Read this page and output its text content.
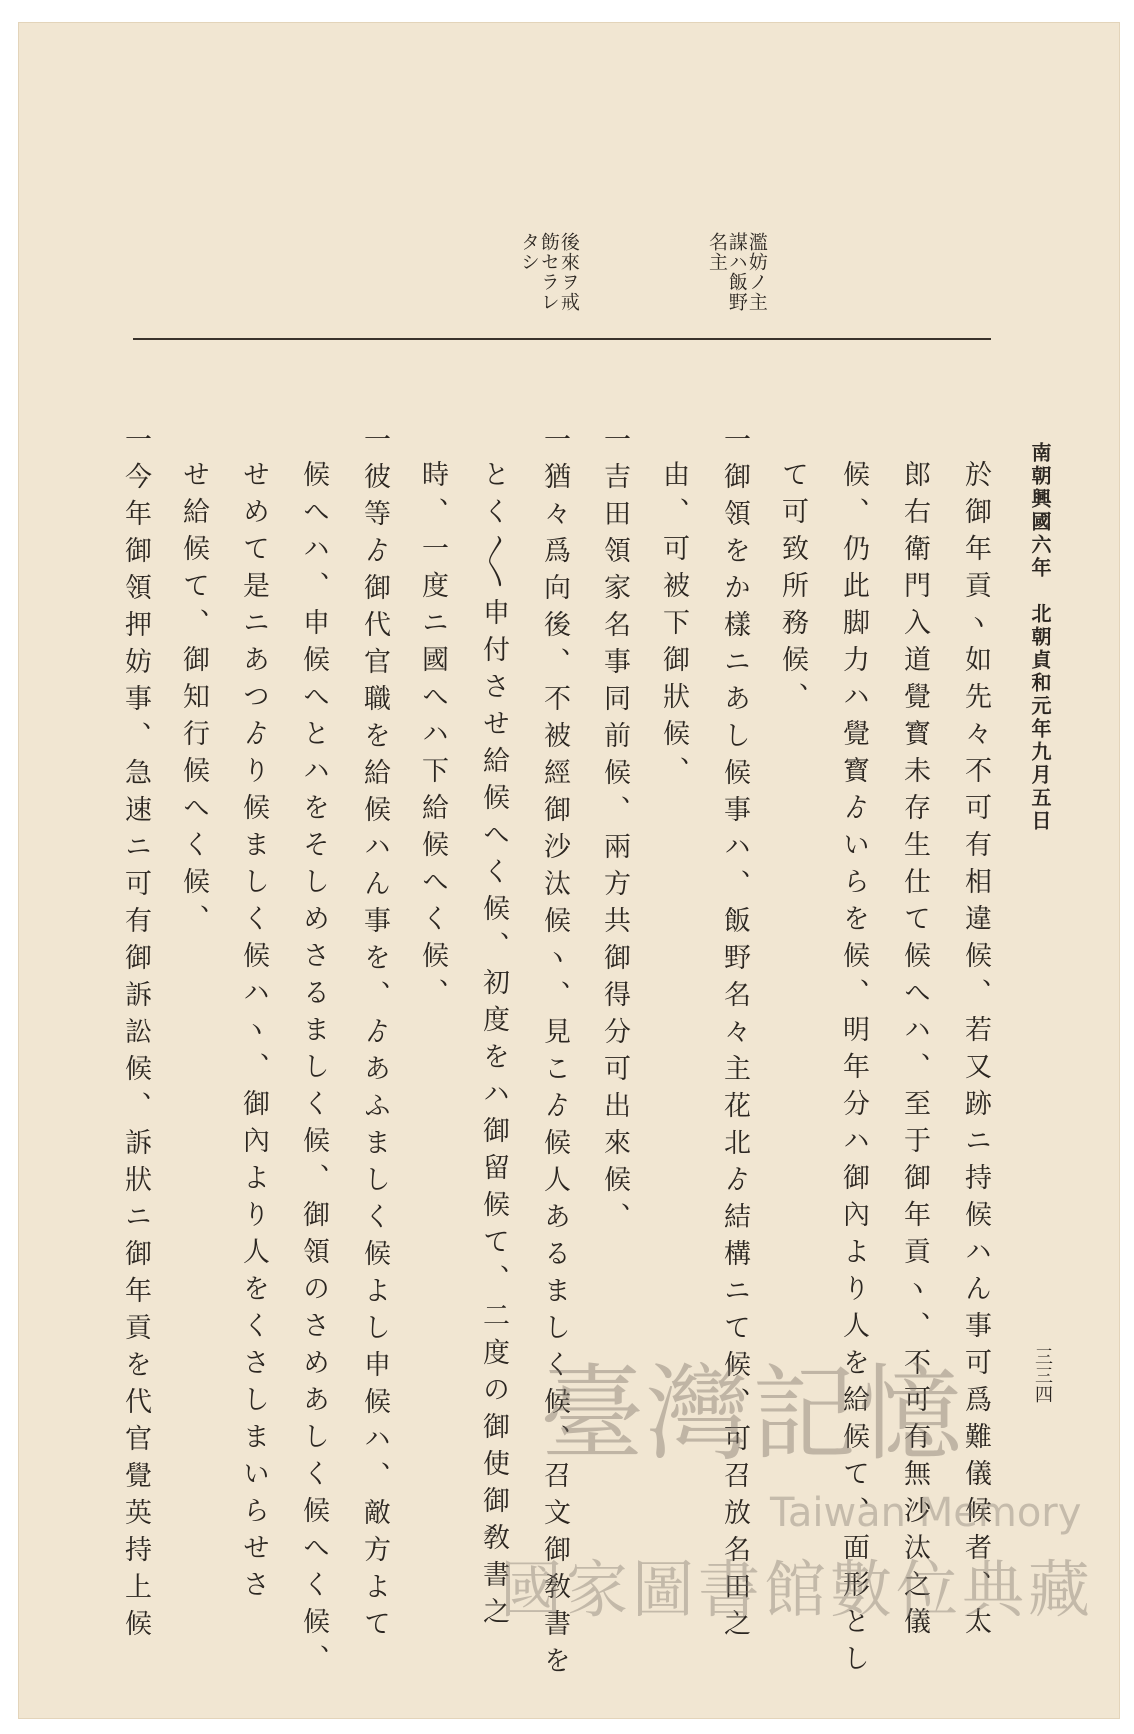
南朝興國六年　北朝貞和元年九月五日
三三四
濫妨ノ主
謀ハ飯野
名主
後來ヲ戒
飭セラレ
タシ
於御年貢ヽ如先々不可有相違候、若又跡ニ持候ハん事可爲難儀候者、太
郎右衛門入道覺寳未存生仕て候へハ、至于御年貢ヽ、不可有無沙汰之儀
候、仍此脚力ハ覺寳ゟいらを候、明年分ハ御內より人を給候て、面形とし
て可致所務候、
一御領をか樣ニあし候事ハ、飯野名々主花北ゟ結構ニて候、可召放名田之
由、可被下御狀候、
一吉田領家名事同前候、兩方共御得分可出來候、
一猶々爲向後、不被經御沙汰候ヽ、見こゟ候人あるましく候、召文御敎書を
とく〳〵申付させ給候へく候、初度をハ御留候て、二度の御使御敎書之
時、一度ニ國へハ下給候へく候、
一彼等ゟ御代官職を給候ハん事を、ゟあふましく候よし申候ハ、敵方よて
候へハ、申候へとハをそしめさるましく候、御領のさめあしく候へく候、
せめて是ニあつゟり候ましく候ハヽ、御內より人をくさしまいらせさ
せ給候て、御知行候へく候、
一今年御領押妨事、急速ニ可有御訴訟候、訴狀ニ御年貢を代官覺英持上候	臺灣記憶
Taiwan Memory
國家圖書館數位典藏
